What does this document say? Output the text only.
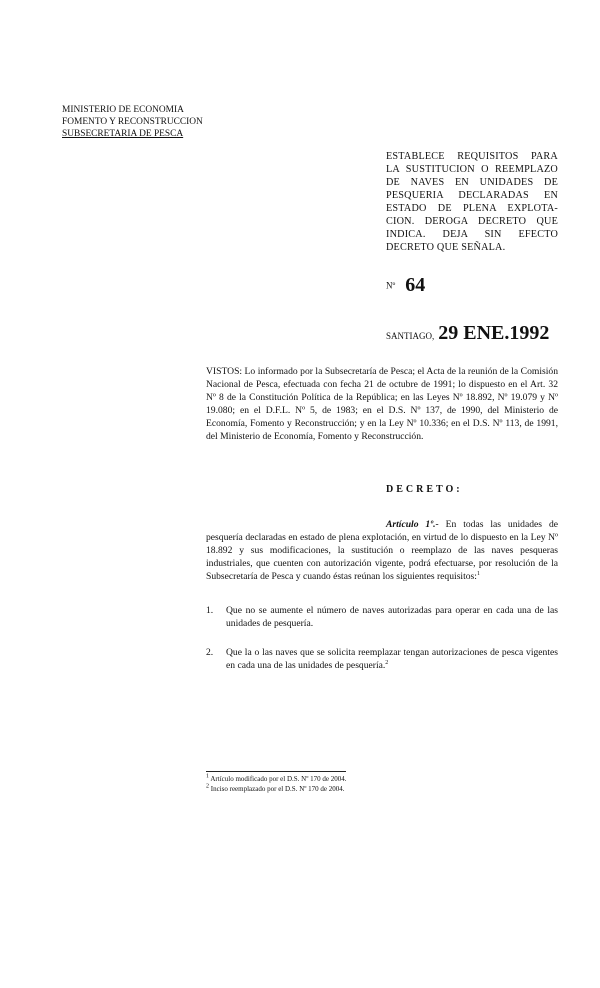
MINISTERIO DE ECONOMIA
FOMENTO Y RECONSTRUCCION
SUBSECRETARIA DE PESCA
ESTABLECE REQUISITOS PARA
LA SUSTITUCION O REEMPLAZO
DE NAVES EN UNIDADES DE
PESQUERIA DECLARADAS EN
ESTADO DE PLENA EXPLOTA-
CION. DEROGA DECRETO QUE
INDICA. DEJA SIN EFECTO
DECRETO QUE SEÑALA.
Nº 64
SANTIAGO, 29 ENE.1992
VISTOS: Lo informado por la Subsecretaría de Pesca; el Acta de la reunión de la Comisión Nacional de Pesca, efectuada con fecha 21 de octubre de 1991; lo dispuesto en el Art. 32 Nº 8 de la Constitución Política de la República; en las Leyes Nº 18.892, Nº 19.079 y Nº 19.080; en el D.F.L. Nº 5, de 1983; en el D.S. Nº 137, de 1990, del Ministerio de Economía, Fomento y Reconstrucción; y en la Ley Nº 10.336; en el D.S. Nº 113, de 1991, del Ministerio de Economía, Fomento y Reconstrucción.
DECRETO:
Artículo 1º.- En todas las unidades de pesquería declaradas en estado de plena explotación, en virtud de lo dispuesto en la Ley Nº 18.892 y sus modificaciones, la sustitución o reemplazo de las naves pesqueras industriales, que cuenten con autorización vigente, podrá efectuarse, por resolución de la Subsecretaría de Pesca y cuando éstas reúnan los siguientes requisitos:$^1$
1. Que no se aumente el número de naves autorizadas para operar en cada una de las unidades de pesquería.
2. Que la o las naves que se solicita reemplazar tengan autorizaciones de pesca vigentes en cada una de las unidades de pesquería.$^2$
$^1$ Artículo modificado por el D.S. Nº 170 de 2004.
$^2$ Inciso reemplazado por el D.S. Nº 170 de 2004.
